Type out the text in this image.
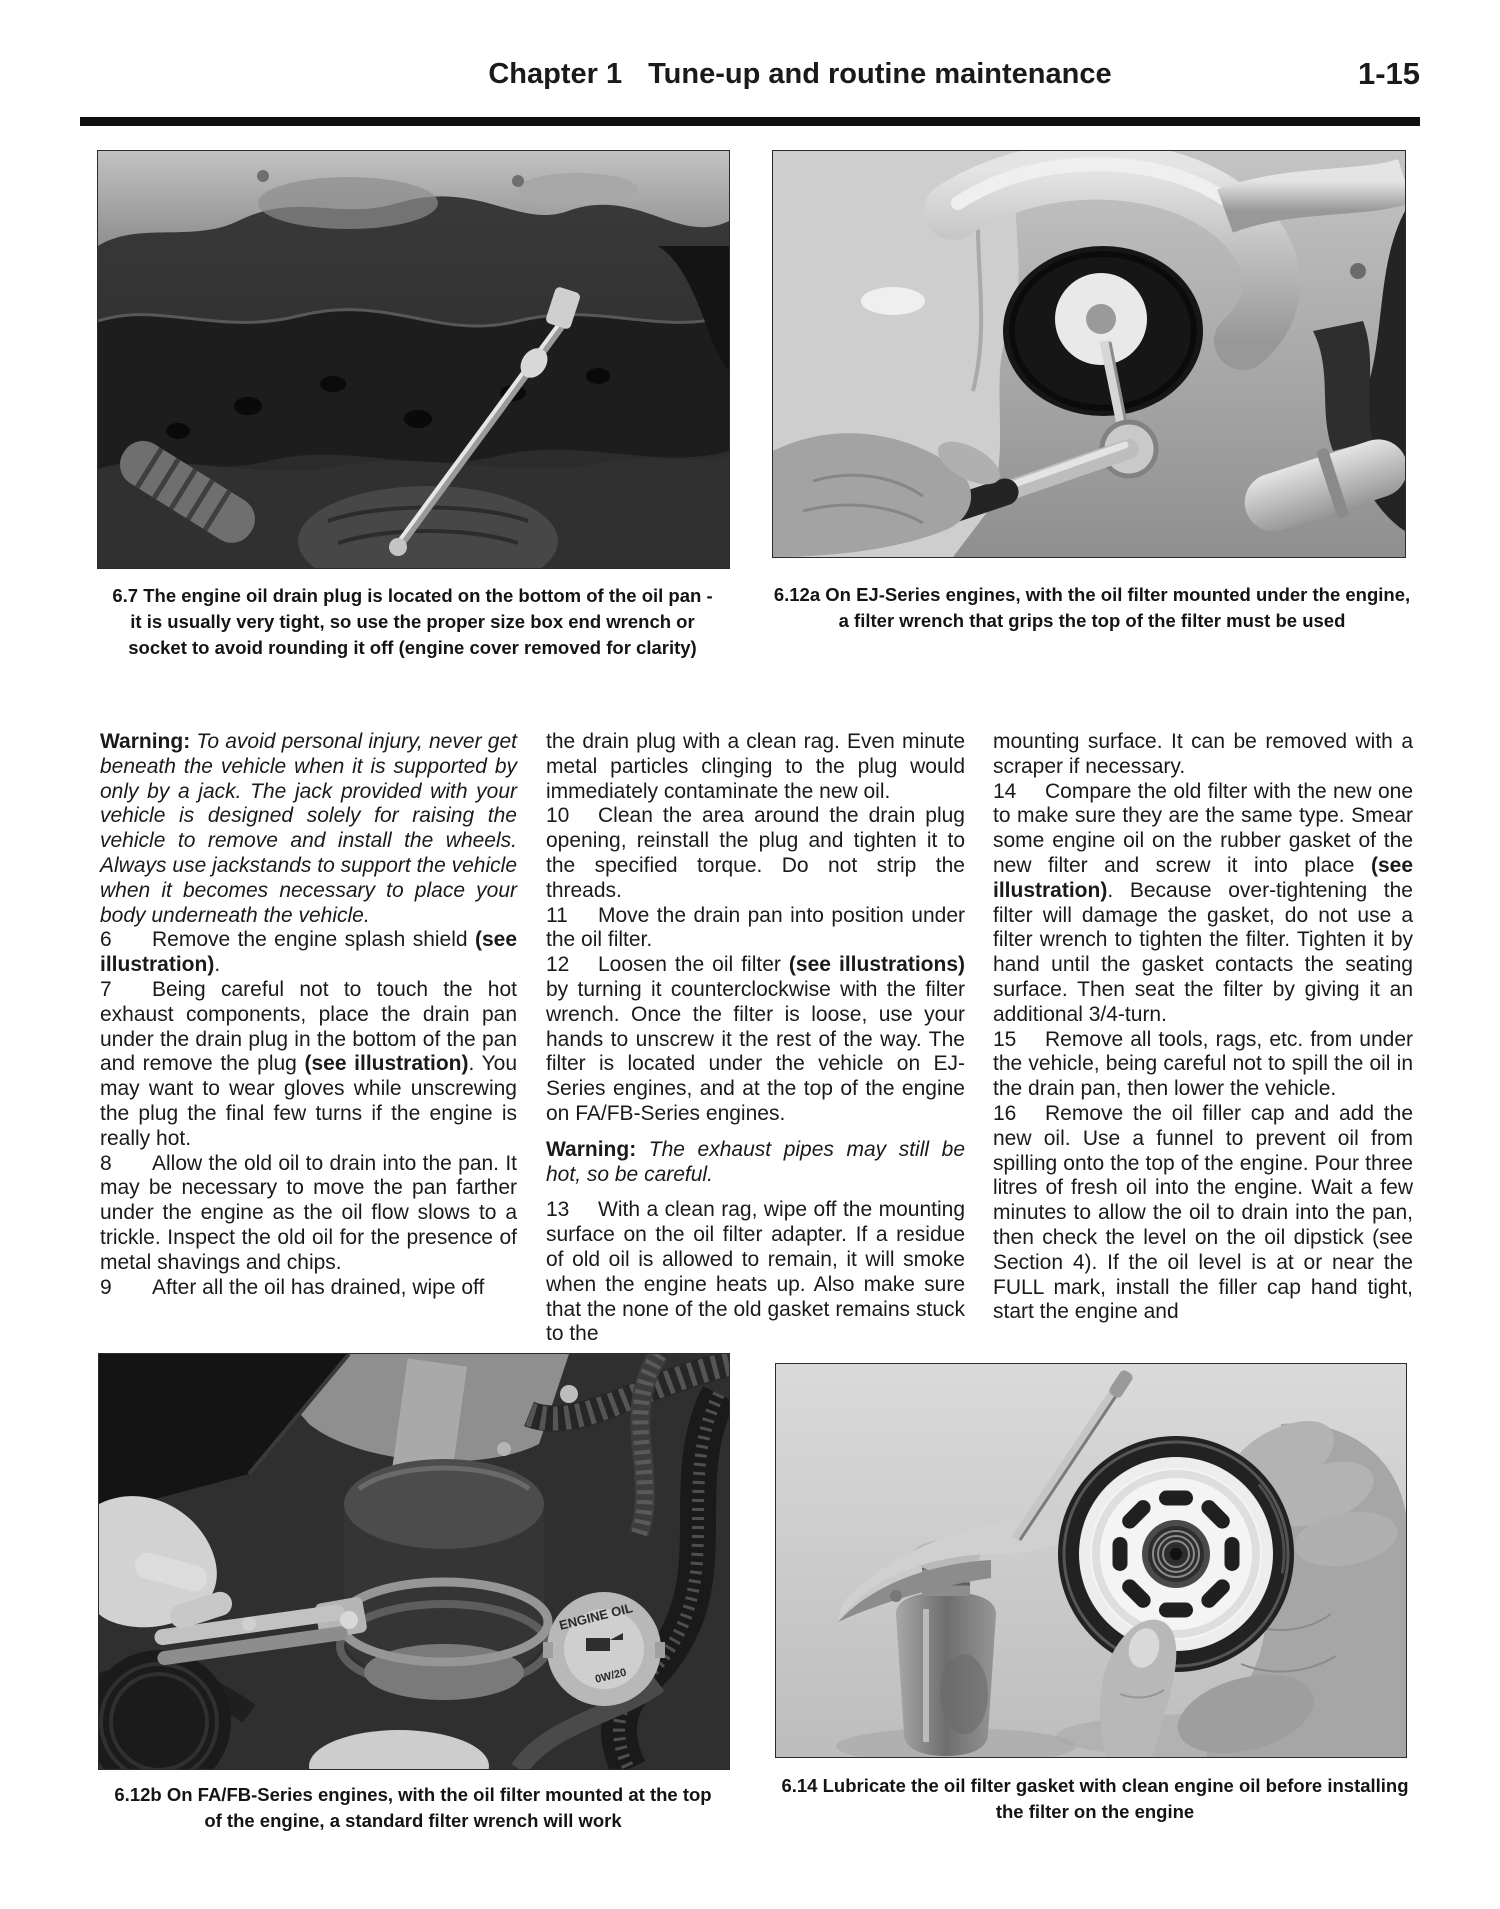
Chapter 1 Tune-up and routine maintenance	1-15
6.7 The engine oil drain plug is located on the bottom of the oil pan - it is usually very tight, so use the proper size box end wrench or socket to avoid rounding it off (engine cover removed for clarity)
6.12a On EJ-Series engines, with the oil filter mounted under the engine, a filter wrench that grips the top of the filter must be used

Warning: To avoid personal injury, never get beneath the vehicle when it is supported by only by a jack. The jack provided with your vehicle is designed solely for raising the vehicle to remove and install the wheels. Always use jackstands to support the vehicle when it becomes necessary to place your body underneath the vehicle.

6 Remove the engine splash shield (see illustration).

7 Being careful not to touch the hot exhaust components, place the drain pan under the drain plug in the bottom of the pan and remove the plug (see illustration). You may want to wear gloves while unscrewing the plug the final few turns if the engine is really hot.

8 Allow the old oil to drain into the pan. It may be necessary to move the pan farther under the engine as the oil flow slows to a trickle. Inspect the old oil for the presence of metal shavings and chips.

9 After all the oil has drained, wipe off

the drain plug with a clean rag. Even minute metal particles clinging to the plug would immediately contaminate the new oil.

10 Clean the area around the drain plug opening, reinstall the plug and tighten it to the specified torque. Do not strip the threads.

11 Move the drain pan into position under the oil filter.

12 Loosen the oil filter (see illustrations) by turning it counterclockwise with the filter wrench. Once the filter is loose, use your hands to unscrew it the rest of the way. The filter is located under the vehicle on EJ-Series engines, and at the top of the engine on FA/FB-Series engines.

Warning: The exhaust pipes may still be hot, so be careful.

13 With a clean rag, wipe off the mounting surface on the oil filter adapter. If a residue of old oil is allowed to remain, it will smoke when the engine heats up. Also make sure that the none of the old gasket remains stuck to the

mounting surface. It can be removed with a scraper if necessary.

14 Compare the old filter with the new one to make sure they are the same type. Smear some engine oil on the rubber gasket of the new filter and screw it into place (see illustration). Because over-tightening the filter will damage the gasket, do not use a filter wrench to tighten the filter. Tighten it by hand until the gasket contacts the seating surface. Then seat the filter by giving it an additional 3/4-turn.

15 Remove all tools, rags, etc. from under the vehicle, being careful not to spill the oil in the drain pan, then lower the vehicle.

16 Remove the oil filler cap and add the new oil. Use a funnel to prevent oil from spilling onto the top of the engine. Pour three litres of fresh oil into the engine. Wait a few minutes to allow the oil to drain into the pan, then check the level on the oil dipstick (see Section 4). If the oil level is at or near the FULL mark, install the filler cap hand tight, start the engine and

ENGINE OIL
0W/20
6.12b On FA/FB-Series engines, with the oil filter mounted at the top of the engine, a standard filter wrench will work
6.14 Lubricate the oil filter gasket with clean engine oil before installing the filter on the engine
